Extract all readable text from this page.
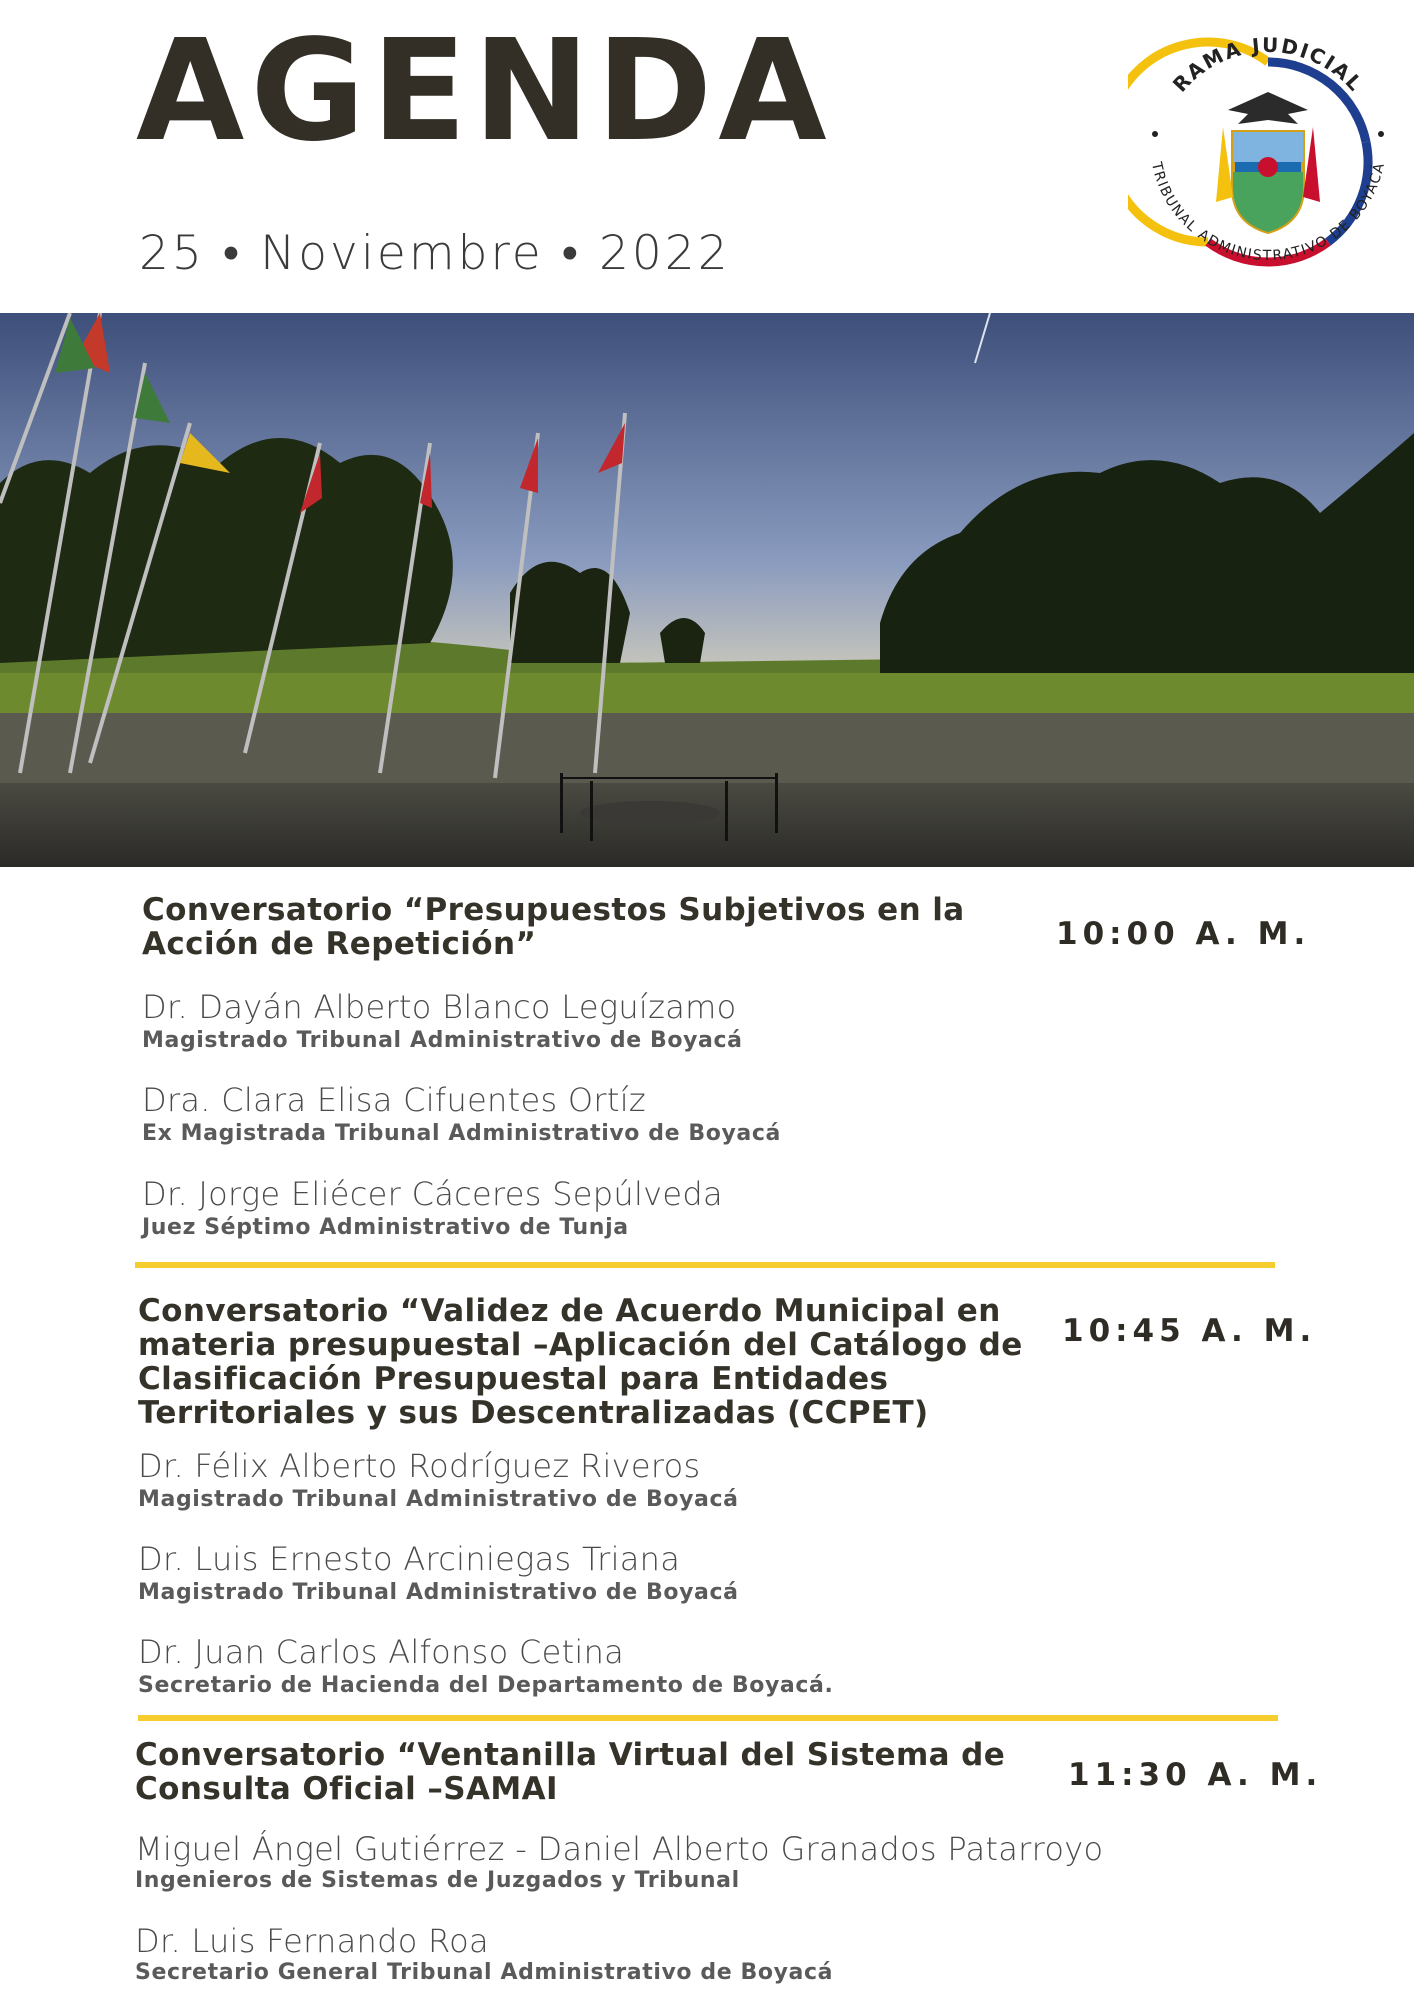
AGENDA
25 • Noviembre • 2022
RAMA JUDICIAL
TRIBUNAL ADMINISTRATIVO DE BOYACÁ
Conversatorio “Presupuestos Subjetivos en la Acción de Repetición”	10:00 A. M.
Dr. Dayán Alberto Blanco Leguízamo
Magistrado Tribunal Administrativo de Boyacá
Dra. Clara Elisa Cifuentes Ortíz
Ex Magistrada Tribunal Administrativo de Boyacá
Dr. Jorge Eliécer Cáceres Sepúlveda
Juez Séptimo Administrativo de Tunja
Conversatorio “Validez de Acuerdo Municipal en materia presupuestal –Aplicación del Catálogo de Clasificación Presupuestal para Entidades Territoriales y sus Descentralizadas (CCPET)
10:45 A. M.
Dr. Félix Alberto Rodríguez Riveros
Magistrado Tribunal Administrativo de Boyacá
Dr. Luis Ernesto Arciniegas Triana
Magistrado Tribunal Administrativo de Boyacá
Dr. Juan Carlos Alfonso Cetina
Secretario de Hacienda del Departamento de Boyacá.
Conversatorio “Ventanilla Virtual del Sistema de Consulta Oficial –SAMAI	11:30 A. M.
Miguel Ángel Gutiérrez - Daniel Alberto Granados Patarroyo
Ingenieros de Sistemas de Juzgados y Tribunal
Dr. Luis Fernando Roa
Secretario General Tribunal Administrativo de Boyacá
